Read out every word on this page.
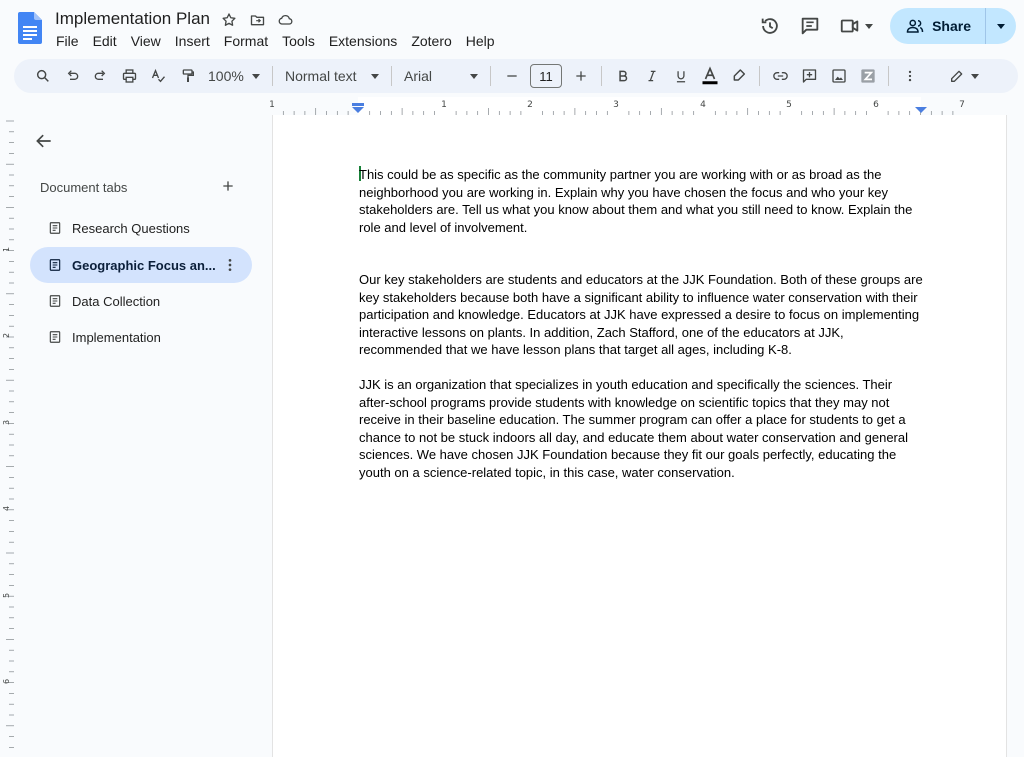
Implementation Plan
File	Edit	View	Insert	Format	Tools	Extensions	Zotero	Help
Share
100%	Normal text	Arial	11
1	1	2	3	4	5	6	7
1
2
3
4
5
6
Document tabs
Research Questions
Geographic Focus an...
Data Collection
Implementation

This could be as specific as the community partner you are working with or as broad as the neighborhood you are working in. Explain why you have chosen the focus and who your key stakeholders are. Tell us what you know about them and what you still need to know. Explain the role and level of involvement.

Our key stakeholders are students and educators at the JJK Foundation. Both of these groups are key stakeholders because both have a significant ability to influence water conservation with their participation and knowledge. Educators at JJK have expressed a desire to focus on implementing interactive lessons on plants. In addition, Zach Stafford, one of the educators at JJK, recommended that we have lesson plans that target all ages, including K-8.

JJK is an organization that specializes in youth education and specifically the sciences. Their after-school programs provide students with knowledge on scientific topics that they may not receive in their baseline education. The summer program can offer a place for students to get a chance to not be stuck indoors all day, and educate them about water conservation and general sciences. We have chosen JJK Foundation because they fit our goals perfectly, educating the youth on a science-related topic, in this case, water conservation.
